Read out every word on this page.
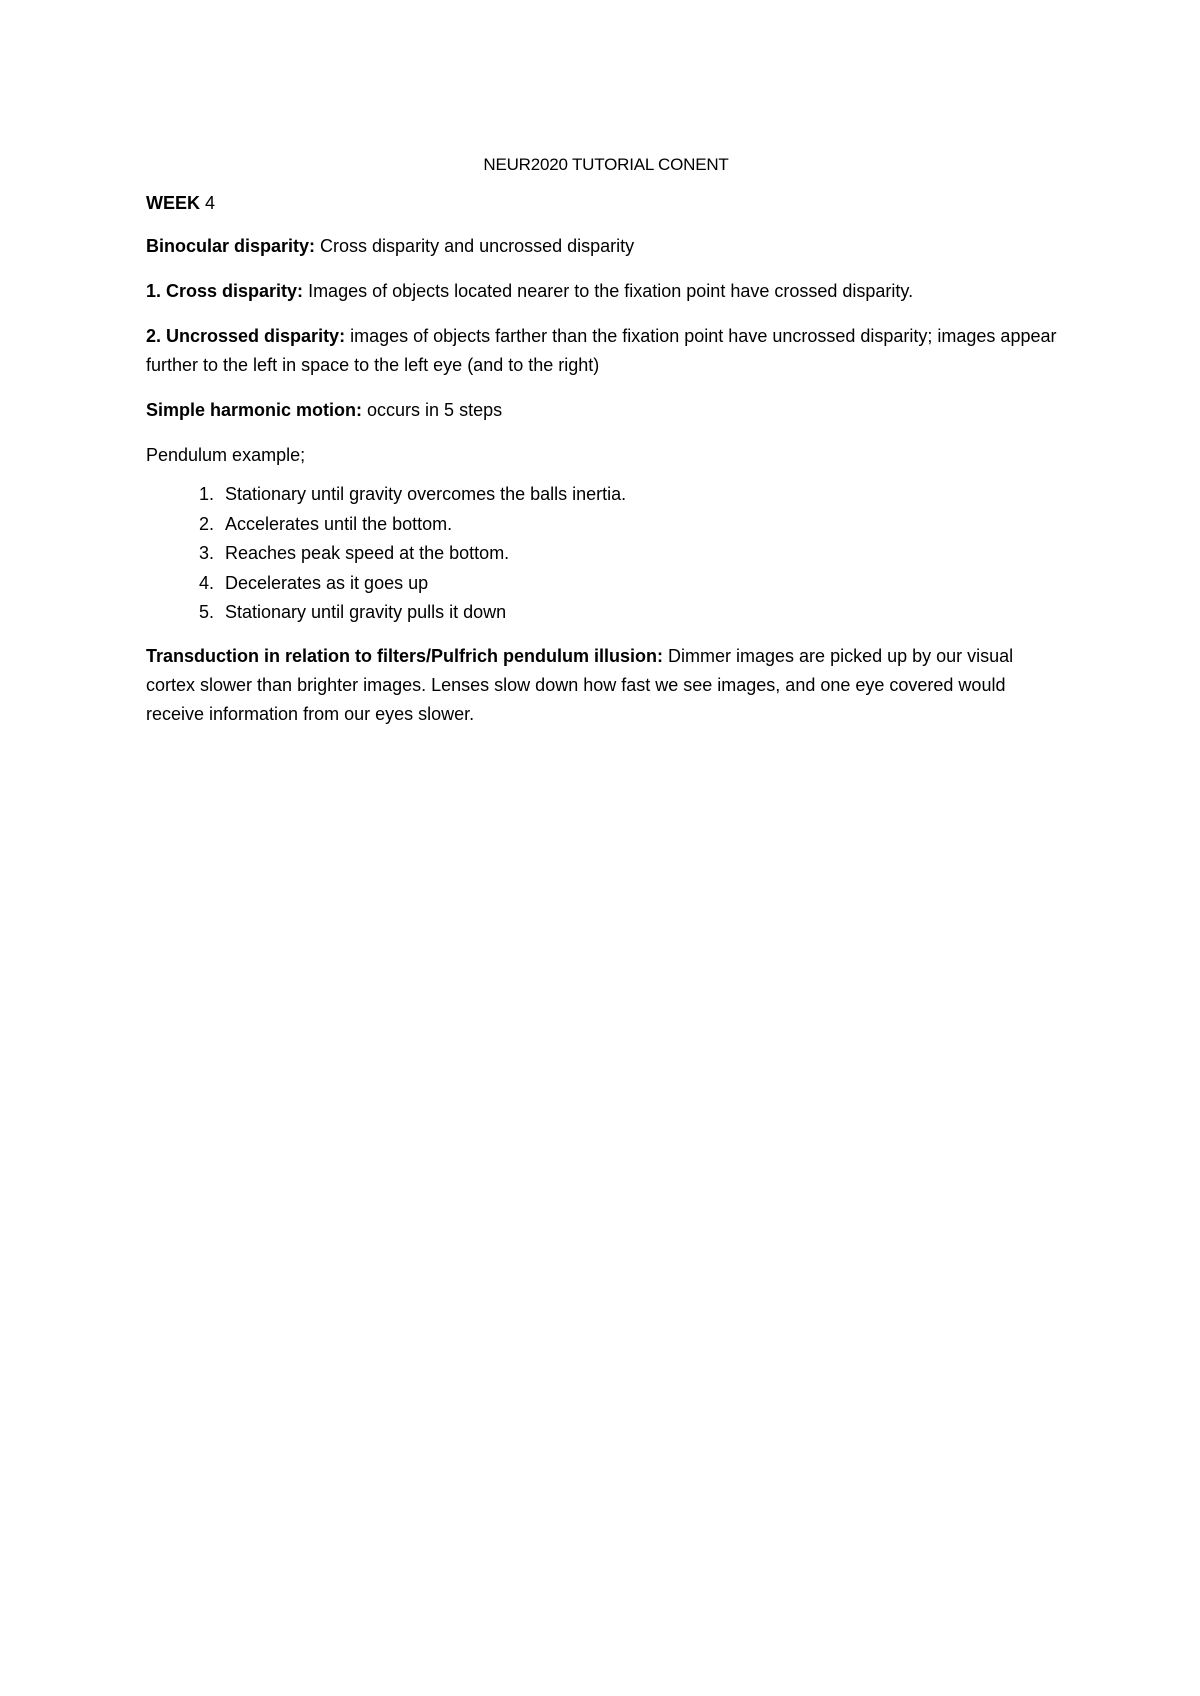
NEUR2020 TUTORIAL CONENT
WEEK 4
Binocular disparity: Cross disparity and uncrossed disparity
1. Cross disparity: Images of objects located nearer to the fixation point have crossed disparity.
2. Uncrossed disparity: images of objects farther than the fixation point have uncrossed disparity; images appear further to the left in space to the left eye (and to the right)
Simple harmonic motion: occurs in 5 steps
Pendulum example;
1. Stationary until gravity overcomes the balls inertia.
2. Accelerates until the bottom.
3. Reaches peak speed at the bottom.
4. Decelerates as it goes up
5. Stationary until gravity pulls it down
Transduction in relation to filters/Pulfrich pendulum illusion: Dimmer images are picked up by our visual cortex slower than brighter images. Lenses slow down how fast we see images, and one eye covered would receive information from our eyes slower.
